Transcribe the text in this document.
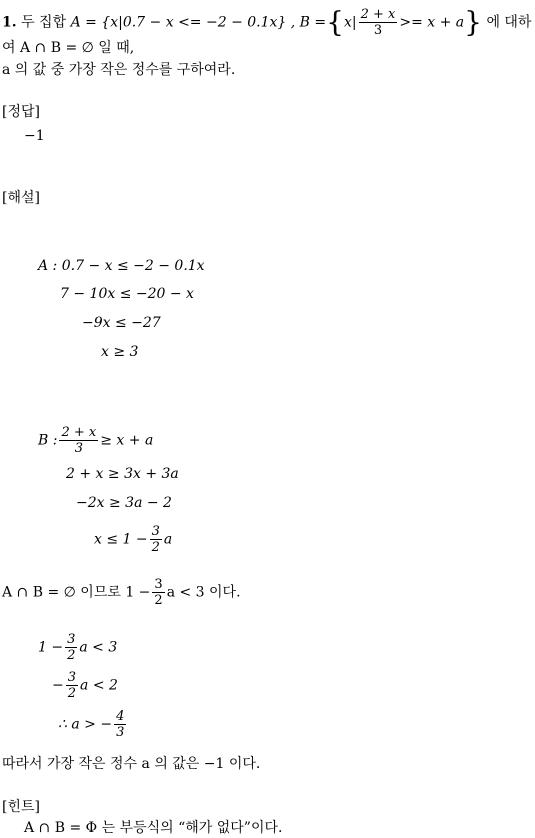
1. 두 집합 A = {x|0.7 − x <= −2 − 0.1x} , $B =\{x| \frac{2 + x}{3} >= x + a\}$ 에 대하
여 A ∩ B = ∅ 일 때,
a 의 값 중 가장 작은 정수를 구하여라.
[정답]
−1
[해설]
A : 0.7 − x ≤ −2 − 0.1x
7 − 10x ≤ −20 − x
−9x ≤ −27
x ≥ 3
B : $\frac{2 + x}{3} \ge x + a$
2 + x ≥ 3x + 3a
−2x ≥ 3a − 2
$x \le 1 - \frac{3}{2}$ a
A ∩ B = ∅ 이므로 $1 - \frac{3}{2}$ a < 3 이다.
$1 - \frac{3}{2}$ a < 3
− $\frac{3}{2}$ a < 2
∴ a > − $\frac{4}{3}$
따라서 가장 작은 정수 a 의 값은 −1 이다.
[힌트]
A ∩ B = Φ 는 부등식의 “해가 없다”이다.
